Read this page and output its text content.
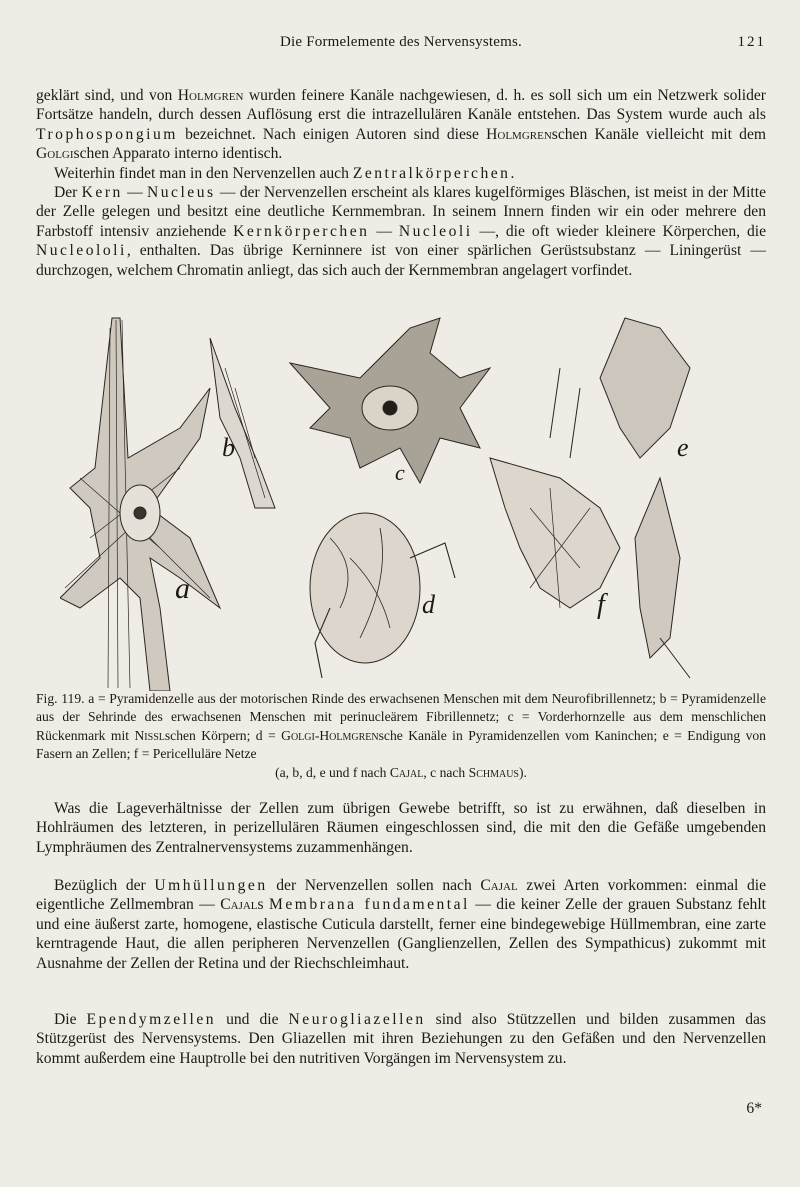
Die Formelemente des Nervensystems.	121

geklärt sind, und von Holmgren wurden feinere Kanäle nachgewiesen, d. h. es soll sich um ein Netzwerk solider Fortsätze handeln, durch dessen Auflösung erst die intrazellulären Kanäle entstehen. Das System wurde auch als Trophospongium bezeichnet. Nach einigen Autoren sind diese Holmgrenschen Kanäle vielleicht mit dem Golgischen Apparato interno identisch.

Weiterhin findet man in den Nervenzellen auch Zentralkörperchen.

Der Kern — Nucleus — der Nervenzellen erscheint als klares kugelförmiges Bläschen, ist meist in der Mitte der Zelle gelegen und besitzt eine deutliche Kernmembran. In seinem Innern finden wir ein oder mehrere den Farbstoff intensiv anziehende Kernkörperchen — Nucleoli —, die oft wieder kleinere Körperchen, die Nucleololi, enthalten. Das übrige Kerninnere ist von einer spärlichen Gerüstsubstanz — Liningerüst — durchzogen, welchem Chromatin anliegt, das sich auch der Kernmembran angelagert vorfindet.

b
a
c
d
e
f

Fig. 119. a = Pyramidenzelle aus der motorischen Rinde des erwachsenen Menschen mit dem Neurofibrillennetz; b = Pyramidenzelle aus der Sehrinde des erwachsenen Menschen mit perinucleärem Fibrillennetz; c = Vorderhornzelle aus dem menschlichen Rückenmark mit Nisslschen Körpern; d = Golgi-Holmgrensche Kanäle in Pyramidenzellen vom Kaninchen; e = Endigung von Fasern an Zellen; f = Pericelluläre Netze
(a, b, d, e und f nach Cajal, c nach Schmaus).

Was die Lageverhältnisse der Zellen zum übrigen Gewebe betrifft, so ist zu erwähnen, daß dieselben in Hohlräumen des letzteren, in perizellulären Räumen eingeschlossen sind, die mit den die Gefäße umgebenden Lymphräumen des Zentralnervensystems zuzammenhängen.

Bezüglich der Umhüllungen der Nervenzellen sollen nach Cajal zwei Arten vorkommen: einmal die eigentliche Zellmembran — Cajals Membrana fundamental — die keiner Zelle der grauen Substanz fehlt und eine äußerst zarte, homogene, elastische Cuticula darstellt, ferner eine bindegewebige Hüllmembran, eine zarte kerntragende Haut, die allen peripheren Nervenzellen (Ganglienzellen, Zellen des Sympathicus) zukommt mit Ausnahme der Zellen der Retina und der Riechschleimhaut.

Die Ependymzellen und die Neurogliazellen sind also Stützzellen und bilden zusammen das Stützgerüst des Nervensystems. Den Gliazellen mit ihren Beziehungen zu den Gefäßen und den Nervenzellen kommt außerdem eine Hauptrolle bei den nutritiven Vorgängen im Nervensystem zu.

6*
